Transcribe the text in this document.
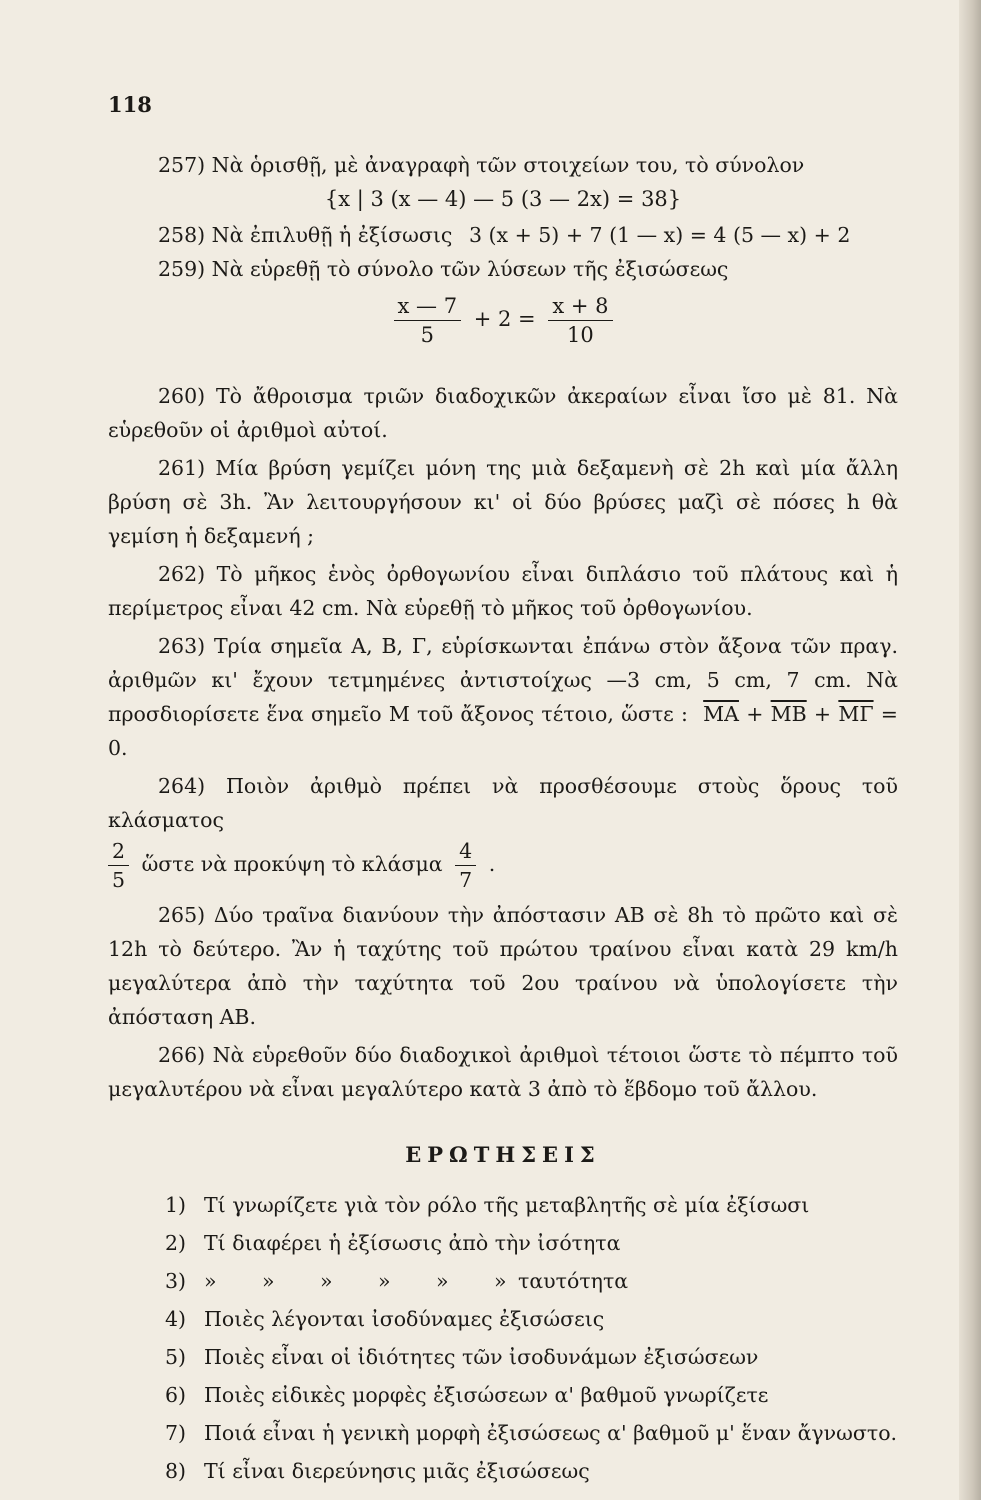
118

257) Νὰ ὁρισθῇ, μὲ ἀναγραφὴ τῶν στοιχείων του, τὸ σύνολον

{x | 3 (x — 4) — 5 (3 — 2x) = 38}

258) Νὰ ἐπιλυθῇ ἡ ἐξίσωσις 3 (x + 5) + 7 (1 — x) = 4 (5 — x) + 2

259) Νὰ εὑρεθῇ τὸ σύνολο τῶν λύσεων τῆς ἐξισώσεως

$\frac{x — 7}{5} + 2 = \frac{x + 8}{10}$

260) Τὸ ἄθροισμα τριῶν διαδοχικῶν ἀκεραίων εἶναι ἴσο μὲ 81. Νὰ εὑρεθοῦν οἱ ἀριθμοὶ αὐτοί.

261) Μία βρύση γεμίζει μόνη της μιὰ δεξαμενὴ σὲ 2h καὶ μία ἄλλη βρύση σὲ 3h. Ἂν λειτουργήσουν κι' οἱ δύο βρύσες μαζὶ σὲ πόσες h θὰ γεμίση ἡ δεξαμενή ;

262) Τὸ μῆκος ἑνὸς ὀρθογωνίου εἶναι διπλάσιο τοῦ πλάτους καὶ ἡ περίμετρος εἶναι 42 cm. Νὰ εὑρεθῇ τὸ μῆκος τοῦ ὀρθογωνίου.

263) Τρία σημεῖα Α, Β, Γ, εὑρίσκωνται ἐπάνω στὸν ἄξονα τῶν πραγ. ἀριθμῶν κι' ἔχουν τετμημένες ἀντιστοίχως —3 cm, 5 cm, 7 cm. Νὰ προσδιορίσετε ἕνα σημεῖο Μ τοῦ ἄξονος τέτοιο, ὥστε : $\overline{MA} + \overline{MB} + \overline{M\Gamma} = 0$.

264) Ποιὸν ἀριθμὸ πρέπει νὰ προσθέσουμε στοὺς ὅρους τοῦ κλάσματος

$\frac{2}{5}$ ὥστε νὰ προκύψη τὸ κλάσμα $\frac{4}{7}$ .

265) Δύο τραῖνα διανύουν τὴν ἀπόστασιν ΑΒ σὲ 8h τὸ πρῶτο καὶ σὲ 12h τὸ δεύτερο. Ἂν ἡ ταχύτης τοῦ πρώτου τραίνου εἶναι κατὰ 29 km/h μεγαλύτερα ἀπὸ τὴν ταχύτητα τοῦ 2ου τραίνου νὰ ὑπολογίσετε τὴν ἀπόσταση ΑΒ.

266) Νὰ εὑρεθοῦν δύο διαδοχικοὶ ἀριθμοὶ τέτοιοι ὥστε τὸ πέμπτο τοῦ μεγαλυτέρου νὰ εἶναι μεγαλύτερο κατὰ 3 ἀπὸ τὸ ἕβδομο τοῦ ἄλλου.

ΕΡΩΤΗΣΕΙΣ
1) Τί γνωρίζετε γιὰ τὸν ρόλο τῆς μεταβλητῆς σὲ μία ἐξίσωσι
2) Τί διαφέρει ἡ ἐξίσωσις ἀπὸ τὴν ἰσότητα
3) » » » » » » ταυτότητα
4) Ποιὲς λέγονται ἰσοδύναμες ἐξισώσεις
5) Ποιὲς εἶναι οἱ ἰδιότητες τῶν ἰσοδυνάμων ἐξισώσεων
6) Ποιὲς εἰδικὲς μορφὲς ἐξισώσεων α' βαθμοῦ γνωρίζετε
7) Ποιά εἶναι ἡ γενικὴ μορφὴ ἐξισώσεως α' βαθμοῦ μ' ἕναν ἄγνωστο.
8) Τί εἶναι διερεύνησις μιᾶς ἐξισώσεως
